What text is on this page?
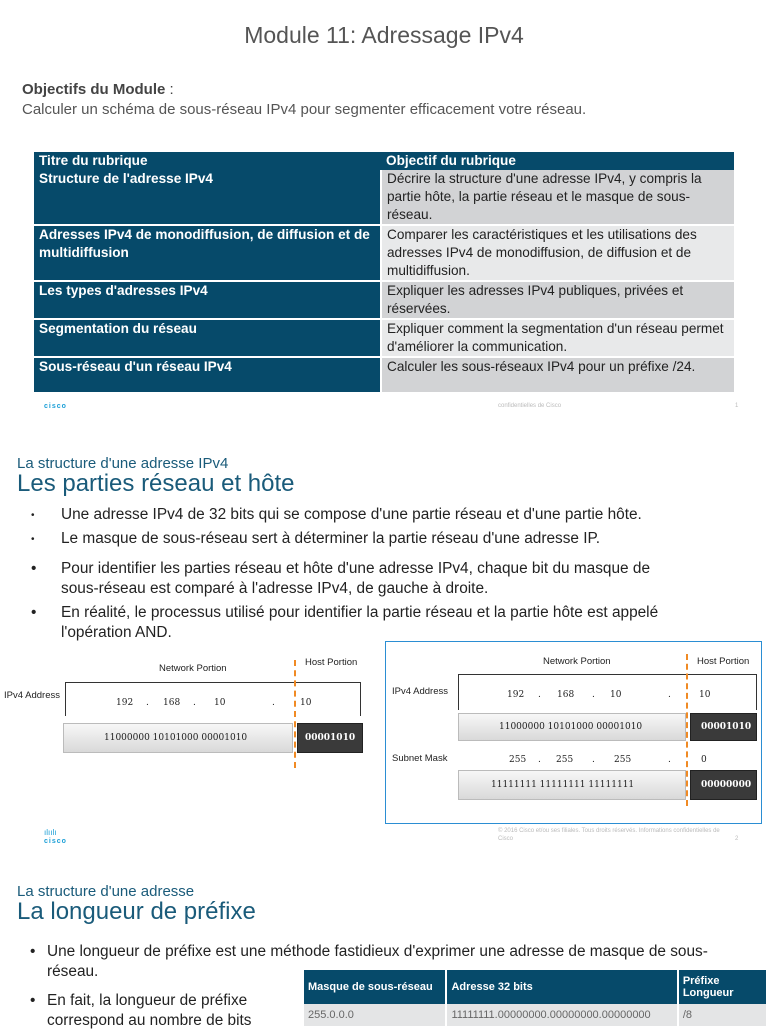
Module 11: Adressage IPv4
Objectifs du Module :
Calculer un schéma de sous-réseau IPv4 pour segmenter efficacement votre réseau.
Titre du rubrique	Objectif du rubrique
Structure de l'adresse IPv4	Décrire la structure d'une adresse IPv4, y compris la partie hôte, la partie réseau et le masque de sous-réseau.
Adresses IPv4 de monodiffusion, de diffusion et de multidiffusion	Comparer les caractéristiques et les utilisations des adresses IPv4 de monodiffusion, de diffusion et de multidiffusion.
Les types d'adresses IPv4	Expliquer les adresses IPv4 publiques, privées et réservées.
Segmentation du réseau	Expliquer comment la segmentation d'un réseau permet d'améliorer la communication.
Sous-réseau d'un réseau IPv4	Calculer les sous-réseaux IPv4 pour un préfixe /24.
cisco	confidentielles de Cisco	1
La structure d'une adresse IPv4
Les parties réseau et hôte
• Une adresse IPv4 de 32 bits qui se compose d'une partie réseau et d'une partie hôte.
• Le masque de sous-réseau sert à déterminer la partie réseau d'une adresse IP.
• Pour identifier les parties réseau et hôte d'une adresse IPv4, chaque bit du masque de sous-réseau est comparé à l'adresse IPv4, de gauche à droite.
• En réalité, le processus utilisé pour identifier la partie réseau et la partie hôte est appelé l'opération AND.
Network Portion
Host Portion
IPv4 Address
192 . 168 . 10	.	10
11000000 10101000 00001010	00001010
Network Portion	Host Portion
IPv4 Address	192 . 168 . 10	.	10
11000000 10101000 00001010	00001010
Subnet Mask	255 . 255 . 255	.	0
11111111 11111111 11111111	00000000
ılıılı
cisco
© 2016 Cisco et/ou ses filiales. Tous droits réservés. Informations confidentielles de Cisco	2
La structure d'une adresse
La longueur de préfixe
• Une longueur de préfixe est une méthode fastidieux d'exprimer une adresse de masque de sous-réseau.
• En fait, la longueur de préfixe correspond au nombre de bits
Masque de sous-réseau	Adresse 32 bits	Préfixe Longueur
255.0.0.0	11111111.00000000.00000000.00000000	/8
